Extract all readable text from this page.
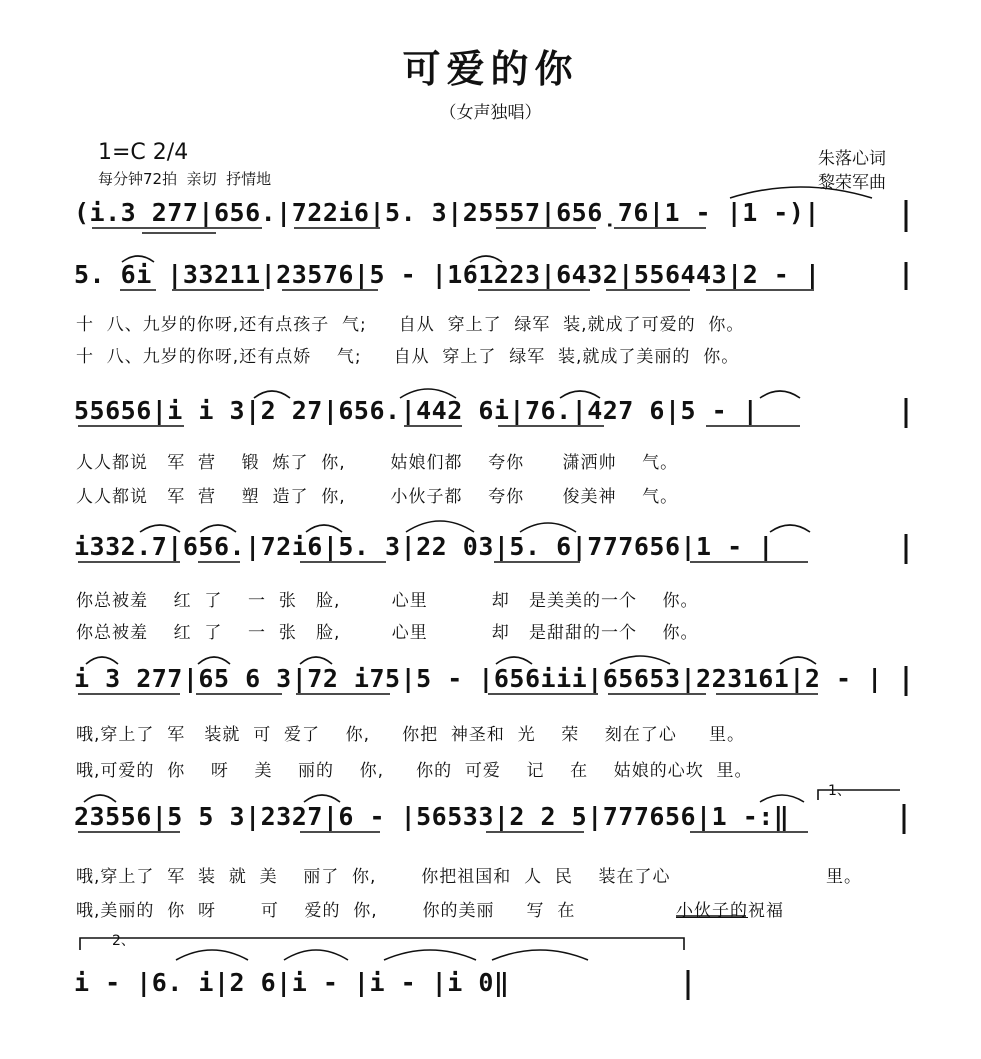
可爱的你
（女声独唱）
1=C 2/4
每分钟72拍  亲切  抒情地
朱落心词
黎荣军曲
(i.3 277|656.|722i6|5. 3|25557|656̣76|1 - |1 -)|
5. 6i |33211|23576|5 - |161223|6432|556443|2 - |
55656|i i 3|2 27|656.|442 6i|76.|427 6|5 - |
i332.7|656.|72i6|5. 3|22 03|5. 6|777656|1 - |
i 3 277|65 6 3|72 i75|5 - |656iii|65653|223161|2 - |
23556|5 5 3|2327|6 - |56533|2 2 5|777656|1 -:‖
i - |6. i|2 6|i - |i - |i 0‖
十  八、九岁的你呀,还有点孩子  气;     自从  穿上了  绿军  装,就成了可爱的  你。
十  八、九岁的你呀,还有点娇    气;     自从  穿上了  绿军  装,就成了美丽的  你。
人人都说   军  营    锻  炼了  你,       姑娘们都    夸你      潇洒帅    气。
人人都说   军  营    塑  造了  你,       小伙子都    夸你      俊美神    气。
你总被羞    红  了    一  张   脸,        心里          却   是美美的一个    你。
你总被羞    红  了    一  张   脸,        心里          却   是甜甜的一个    你。
哦,穿上了  军   装就  可  爱了    你,     你把  神圣和  光    荣    刻在了心     里。
哦,可爱的  你    呀    美    丽的    你,     你的  可爱    记    在    姑娘的心坎  里。
哦,穿上了  军  装  就  美    丽了  你,       你把祖国和  人  民    装在了心	里。
哦,美丽的  你  呀       可    爱的  你,       你的美丽     写  在	小伙子的 祝福
1、
2、
